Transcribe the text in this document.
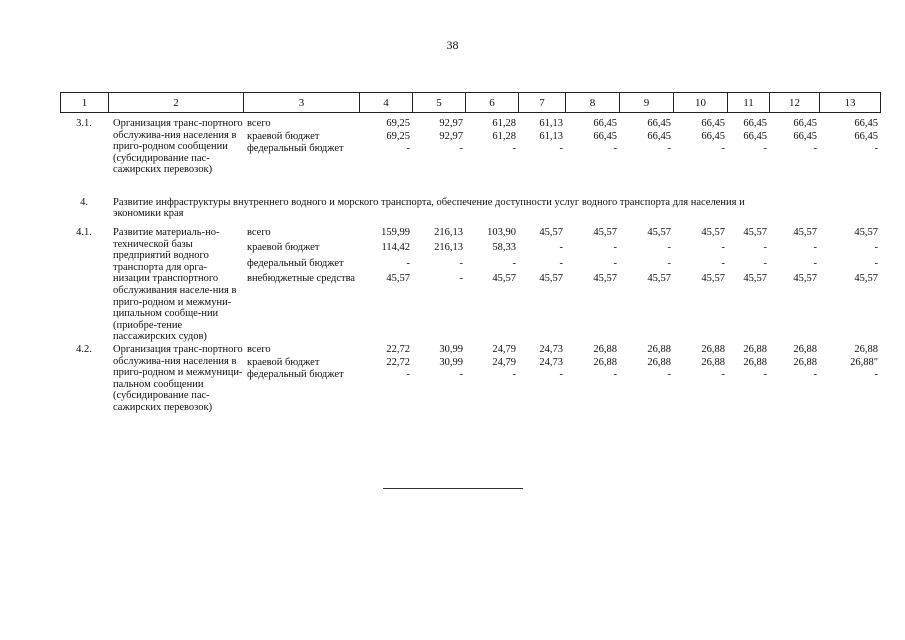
38
1	2	3	4	5	6	7	8	9	10	11	12	13
3.1.	Организация транс-портного обслужива-ния населения в приго-родном сообщении (субсидирование пас-сажирских перевозок)	всего	69,25	92,97	61,28	61,13	66,45	66,45	66,45	66,45	66,45	66,45
		краевой бюджет	69,25	92,97	61,28	61,13	66,45	66,45	66,45	66,45	66,45	66,45
		федеральный бюджет	-	-	-	-	-	-	-	-	-	-

4.	Развитие инфраструктуры внутреннего водного и морского транспорта, обеспечение доступности услуг водного транспорта для населения и экономики края											
4.1.	Развитие материаль-но-технической базы предприятий водного транспорта для орга-низации транспортного обслуживания населе-ния в приго-родном и межмуни-ципальном сообще-нии (приобре-тение пассажирских судов)	всего	159,99	216,13	103,90	45,57	45,57	45,57	45,57	45,57	45,57	45,57
		краевой бюджет	114,42	216,13	58,33	-	-	-	-	-	-	-
		федеральный бюджет	-	-	-	-	-	-	-	-	-	-
		внебюджетные средства	45,57	-	45,57	45,57	45,57	45,57	45,57	45,57	45,57	45,57

4.2.	Организация транс-портного обслужива-ния населения в приго-родном и межмуници-пальном сообщении (субсидирование пас-сажирских перевозок)	всего	22,72	30,99	24,79	24,73	26,88	26,88	26,88	26,88	26,88	26,88
		краевой бюджет	22,72	30,99	24,79	24,73	26,88	26,88	26,88	26,88	26,88	26,88"
		федеральный бюджет	-	-	-	-	-	-	-	-	-	-
